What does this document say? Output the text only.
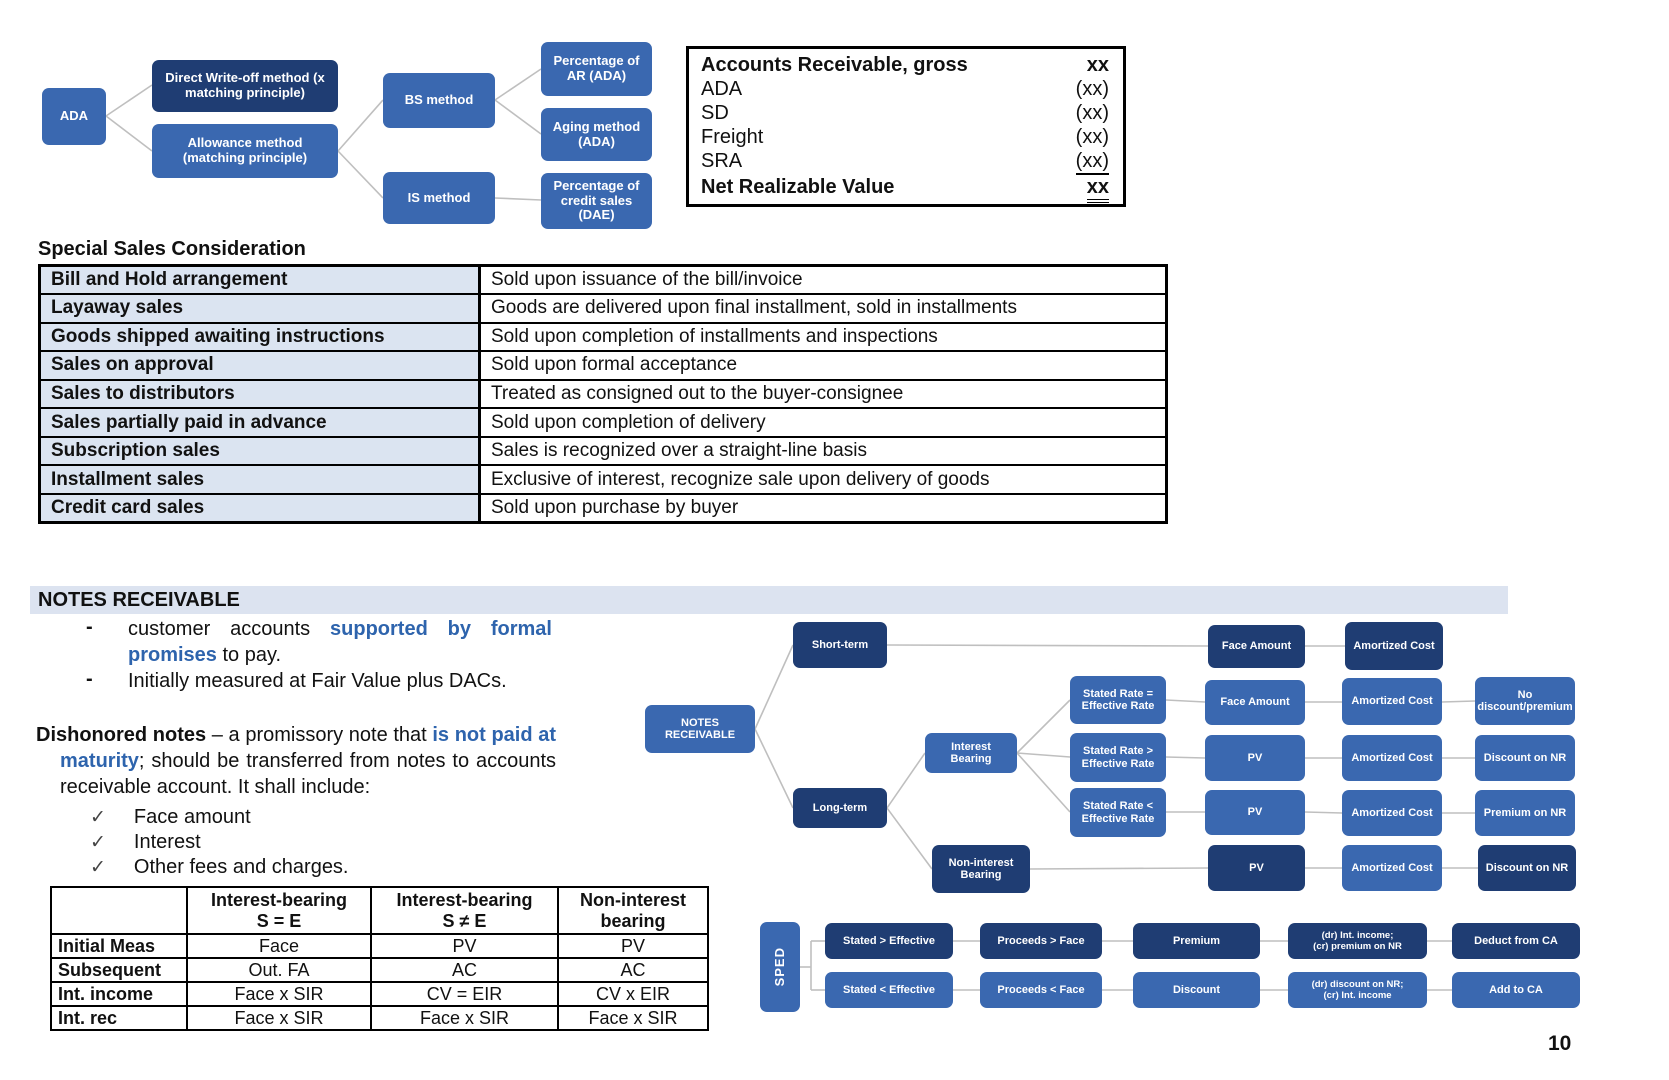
ADA
Direct Write-off method (x matching principle)
Allowance method (matching principle)
BS method
IS method
Percentage of AR (ADA)
Aging method (ADA)
Percentage of credit sales (DAE)
Accounts Receivable, gross	xx
ADA	(xx)
SD	(xx)
Freight	(xx)
SRA	(xx)
Net Realizable Value	xx
Special Sales Consideration
Bill and Hold arrangement	Sold upon issuance of the bill/invoice
Layaway sales	Goods are delivered upon final installment, sold in installments
Goods shipped awaiting instructions	Sold upon completion of installments and inspections
Sales on approval	Sold upon formal acceptance
Sales to distributors	Treated as consigned out to the buyer-consignee
Sales partially paid in advance	Sold upon completion of delivery
Subscription sales	Sales is recognized over a straight-line basis
Installment sales	Exclusive of interest, recognize sale upon delivery of goods
Credit card sales	Sold upon purchase by buyer
NOTES RECEIVABLE
- customer accounts supported by formal promises to pay.
- Initially measured at Fair Value plus DACs.
Dishonored notes – a promissory note that is not paid at maturity; should be transferred from notes to accounts receivable account. It shall include:
✓ Face amount
✓ Interest
✓ Other fees and charges.

Interest-bearing
S = E

Interest-bearing
S ≠ E

Non-interest
bearing

Initial Meas	Face	PV	PV
Subsequent	Out. FA	AC	AC
Int. income	Face x SIR	CV = EIR	CV x EIR
Int. rec	Face x SIR	Face x SIR	Face x SIR
NOTES RECEIVABLE
Short-term
Long-term
Interest Bearing
Non-interest Bearing
Stated Rate = Effective Rate
Stated Rate > Effective Rate
Stated Rate < Effective Rate
Face Amount
Face Amount
PV
PV
PV
Amortized Cost
Amortized Cost
Amortized Cost
Amortized Cost
Amortized Cost
No discount/premium
Discount on NR
Premium on NR
Discount on NR
SPED
Stated > Effective	Proceeds > Face	Premium	(dr) Int. income;
(cr) premium on NR	Deduct from CA
Stated < Effective	Proceeds < Face	Discount	(dr) discount on NR;
(cr) Int. income	Add to CA
10
